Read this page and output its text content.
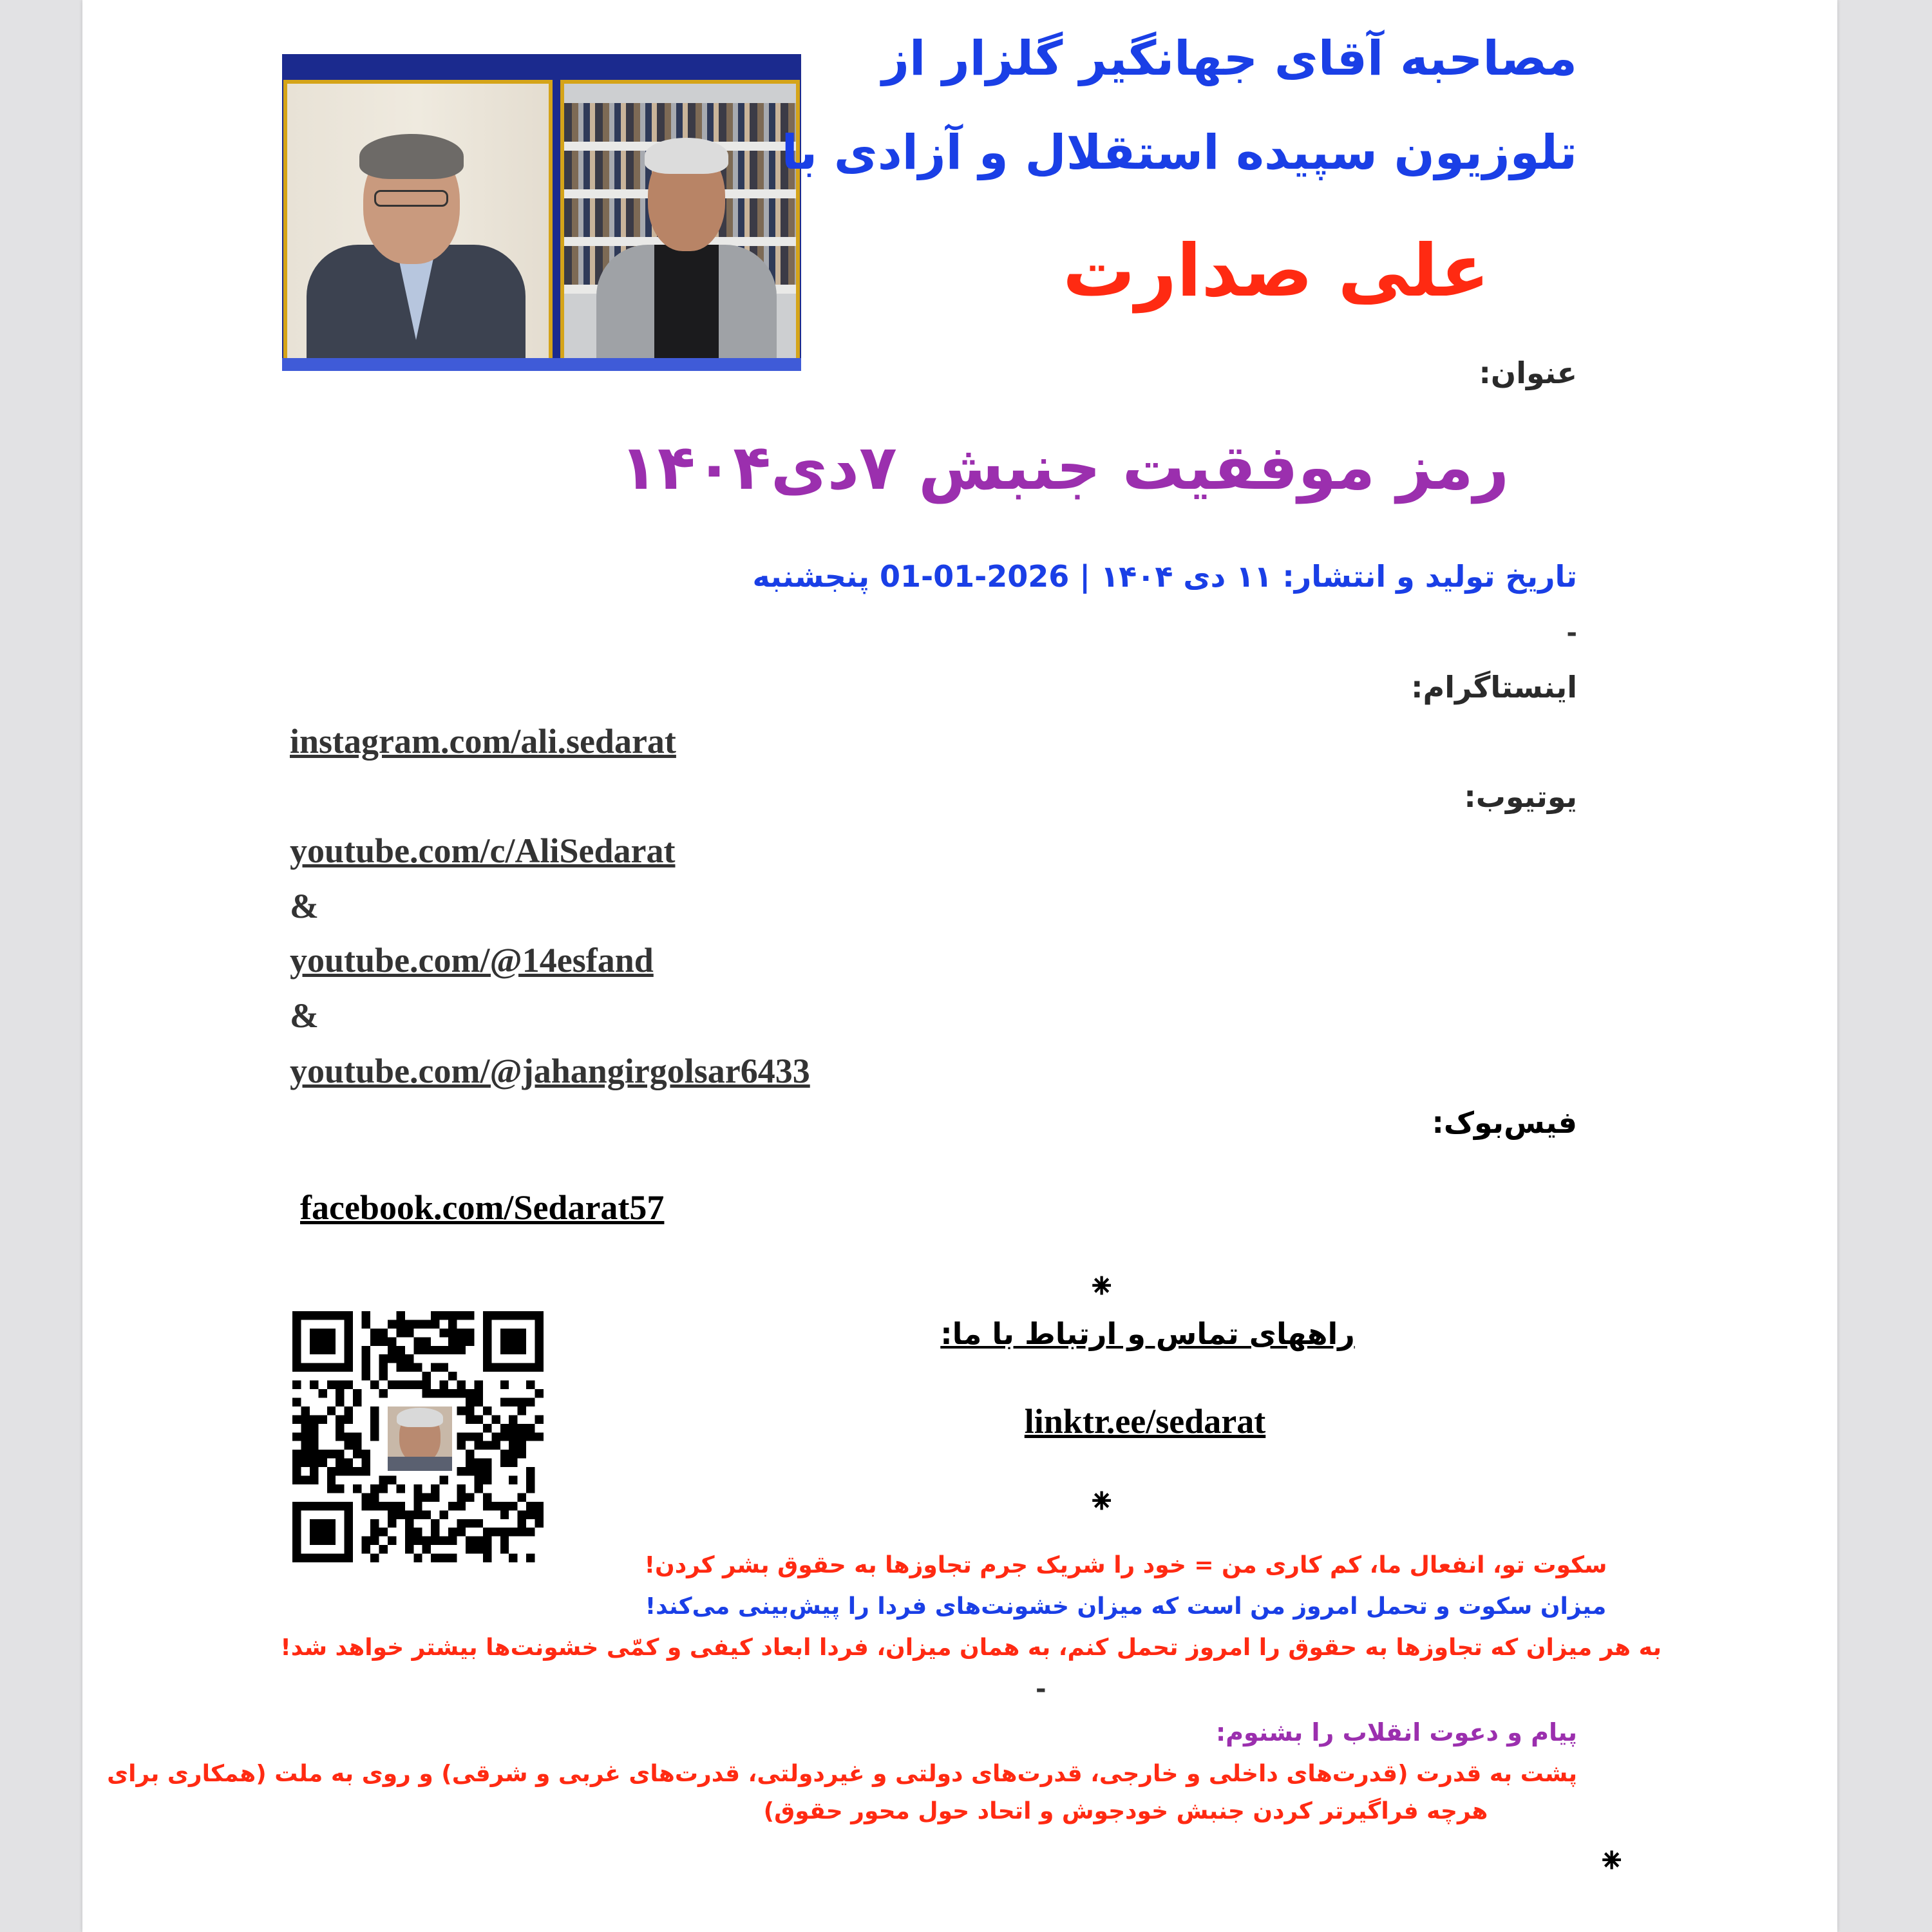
مصاحبه آقای جهانگیر گلزار از
تلوزیون سپیده استقلال و آزادی با
علی صدارت
عنوان:
رمز موفقیت جنبش ۷دی۱۴۰۴
تاریخ تولید و انتشار: ۱۱ دی ۱۴۰۴ | 2026-01-01 پنجشنبه
-
اینستاگرام:
instagram.com/ali.sedarat
یوتیوب:
youtube.com/c/AliSedarat
&
youtube.com/@14esfand
&
youtube.com/@jahangirgolsar6433
فیس‌بوک:
facebook.com/Sedarat57
⁕
راههای تماس و ارتباط با ما:
linktr.ee/sedarat
⁕
سکوت تو، انفعال ما، کم کاری من = خود را شریک جرم تجاوزها به حقوق بشر کردن!
میزان سکوت و تحمل امروز من است که میزان خشونت‌های فردا را پیش‌بینی می‌کند!
به هر میزان که تجاوزها به حقوق را امروز تحمل کنم، به همان میزان، فردا ابعاد کیفی و کمّی خشونت‌ها بیشتر خواهد شد!
-
پیام و دعوت انقلاب را بشنوم:
پشت به قدرت (قدرت‌های داخلی و خارجی، قدرت‌های دولتی و غیردولتی، قدرت‌های غربی و شرقی) و روی به ملت (همکاری برای
هرچه فراگیرتر کردن جنبش خودجوش و اتحاد حول محور حقوق)
⁕
